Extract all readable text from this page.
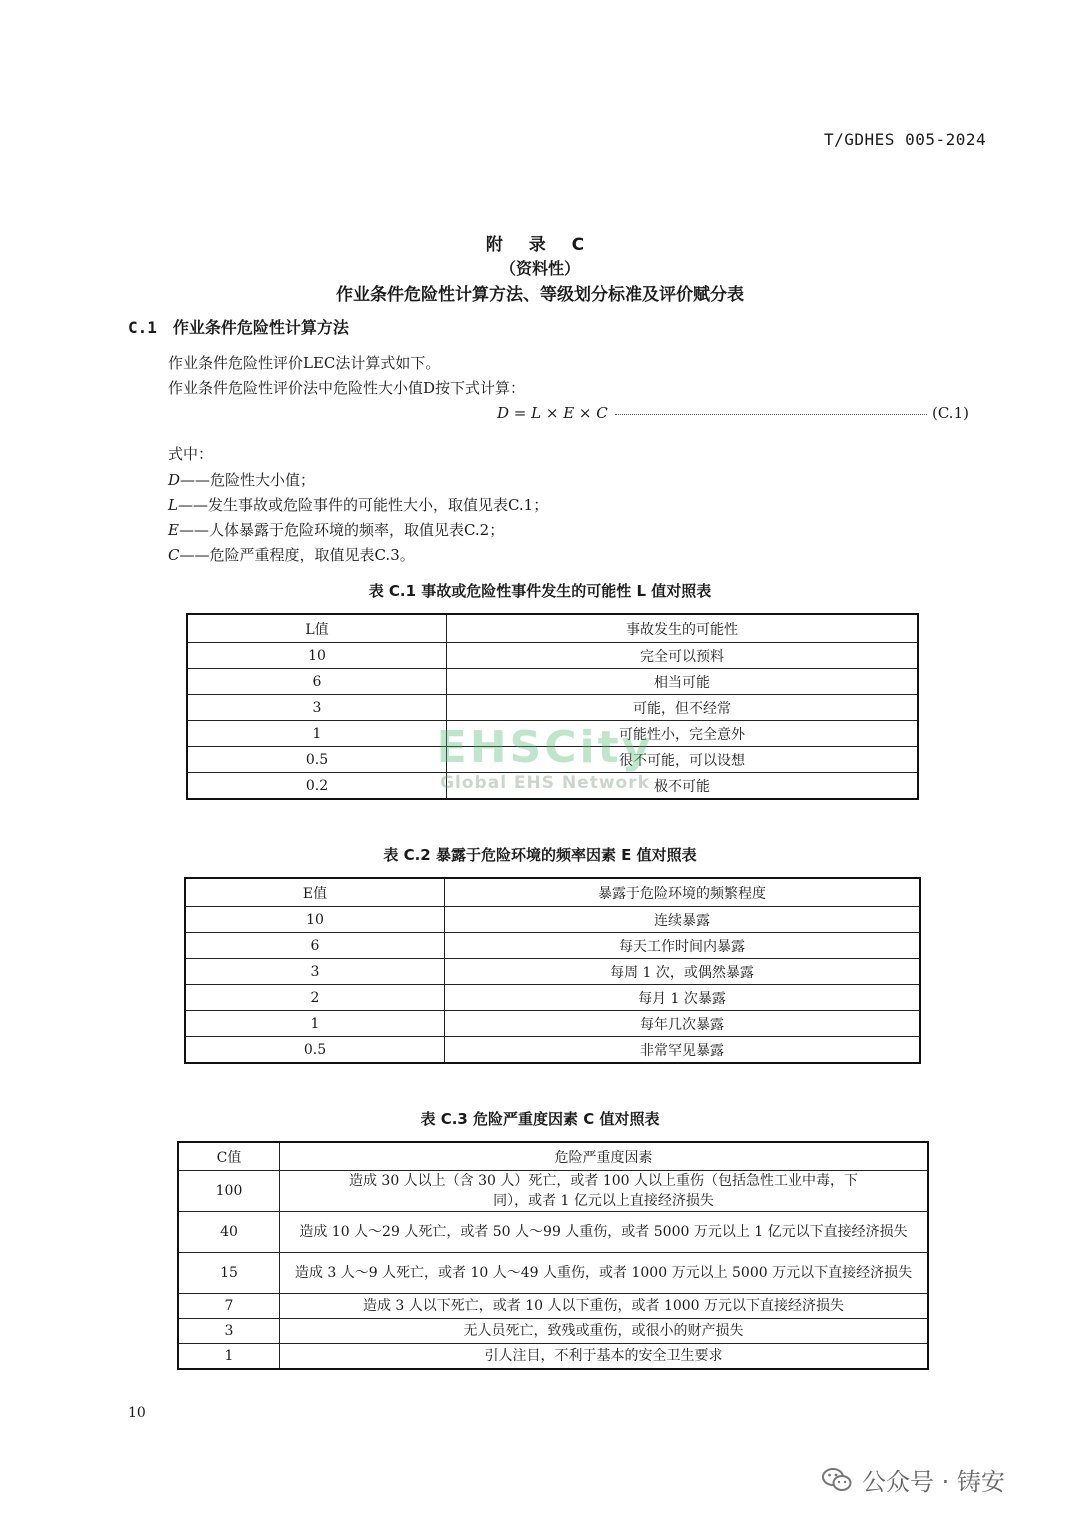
T/GDHES 005-2024
附 录 C
（资料性）
作业条件危险性计算方法、等级划分标准及评价赋分表
C.1 作业条件危险性计算方法
作业条件危险性评价LEC法计算式如下。
作业条件危险性评价法中危险性大小值D按下式计算：
D = L × E × C	(C.1)
式中：
D——危险性大小值；
L——发生事故或危险事件的可能性大小，取值见表C.1；
E——人体暴露于危险环境的频率，取值见表C.2；
C——危险严重程度，取值见表C.3。
表 C.1 事故或危险性事件发生的可能性 L 值对照表
L值	事故发生的可能性
10	完全可以预料
6	相当可能
3	可能，但不经常
1	可能性小，完全意外
0.5	很不可能，可以设想
0.2	极不可能
EHSCity
Global EHS Network
表 C.2 暴露于危险环境的频率因素 E 值对照表
E值	暴露于危险环境的频繁程度
10	连续暴露
6	每天工作时间内暴露
3	每周 1 次，或偶然暴露
2	每月 1 次暴露
1	每年几次暴露
0.5	非常罕见暴露
表 C.3 危险严重度因素 C 值对照表
C值	危险严重度因素
100	造成 30 人以上（含 30 人）死亡，或者 100 人以上重伤（包括急性工业中毒，下同），或者 1 亿元以上直接经济损失
40	造成 10 人～29 人死亡，或者 50 人～99 人重伤，或者 5000 万元以上 1 亿元以下直接经济损失
15	造成 3 人～9 人死亡，或者 10 人～49 人重伤，或者 1000 万元以上 5000 万元以下直接经济损失
7	造成 3 人以下死亡，或者 10 人以下重伤，或者 1000 万元以下直接经济损失
3	无人员死亡，致残或重伤，或很小的财产损失
1	引人注目，不利于基本的安全卫生要求
10
公众号 · 铸安
